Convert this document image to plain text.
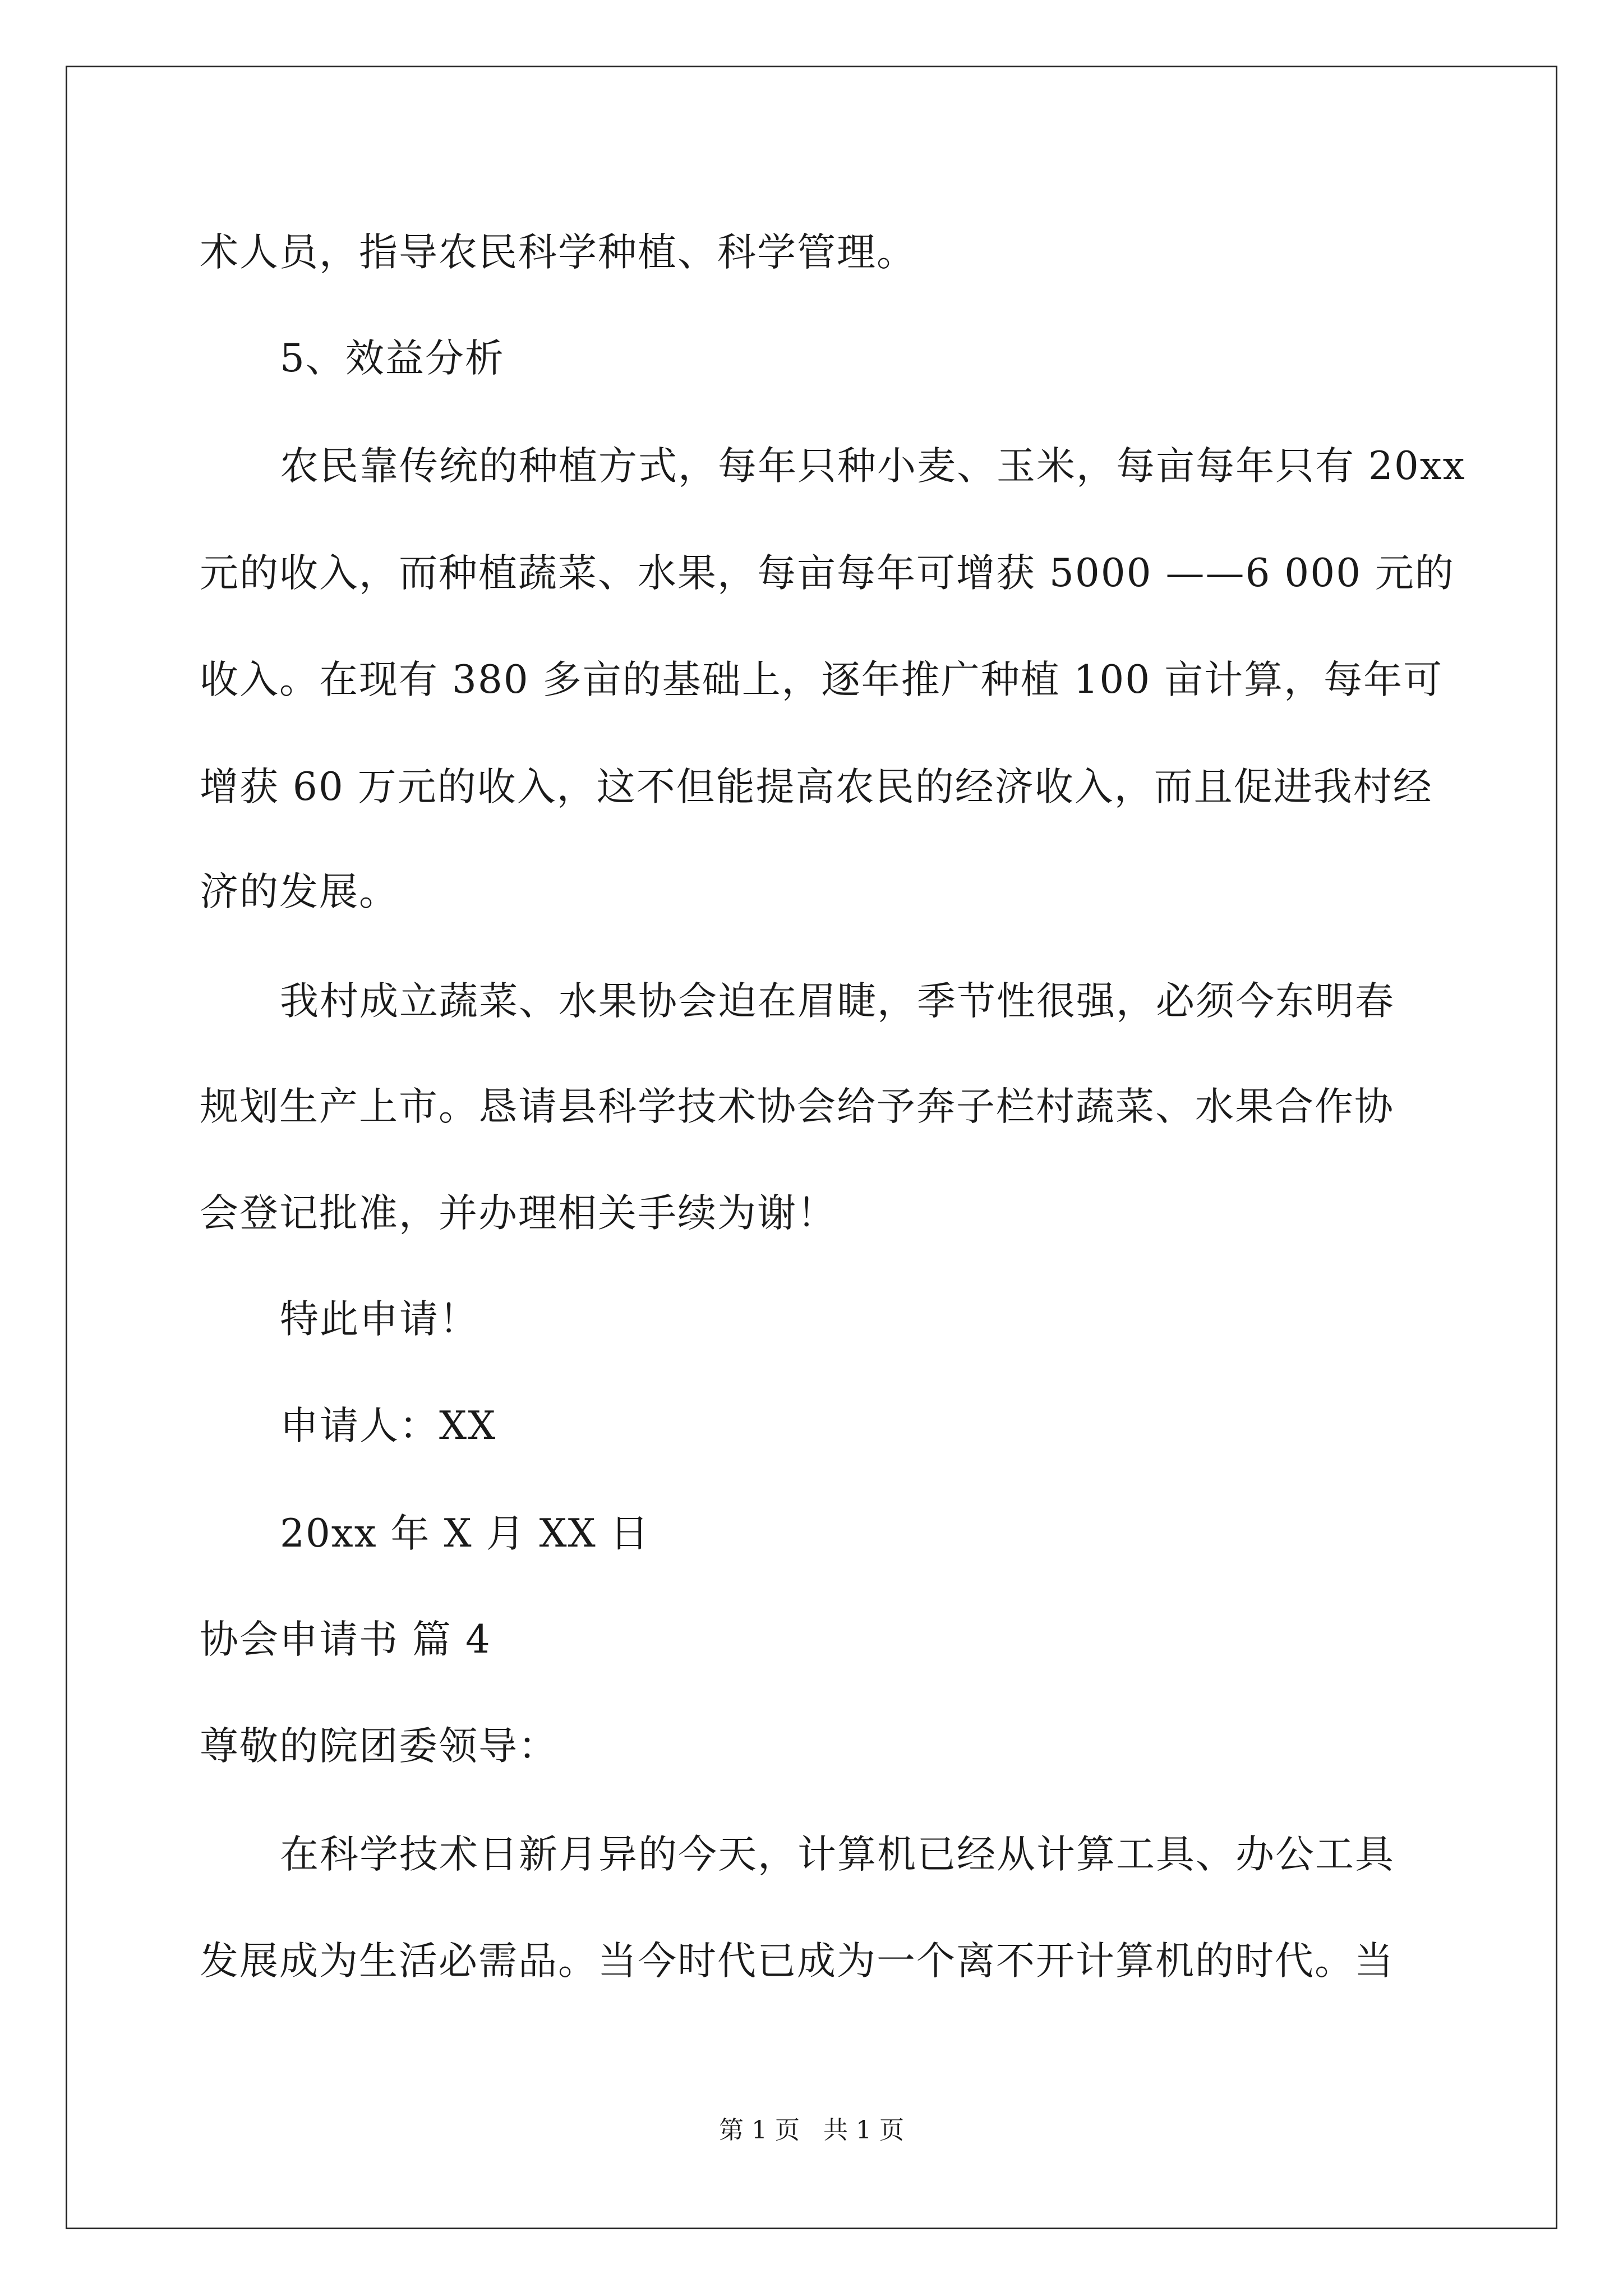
术人员，指导农民科学种植、科学管理。
5、效益分析
农民靠传统的种植方式，每年只种小麦、玉米，每亩每年只有 20xx
元的收入，而种植蔬菜、水果，每亩每年可增获 5000 ——6 000 元的
收入。在现有 380 多亩的基础上，逐年推广种植 100 亩计算，每年可
增获 60 万元的收入，这不但能提高农民的经济收入，而且促进我村经
济的发展。
我村成立蔬菜、水果协会迫在眉睫，季节性很强，必须今东明春
规划生产上市。恳请县科学技术协会给予奔子栏村蔬菜、水果合作协
会登记批准，并办理相关手续为谢！
特此申请！
申请人：XX
20xx 年 X 月 XX 日
协会申请书 篇 4
尊敬的院团委领导：
在科学技术日新月异的今天，计算机已经从计算工具、办公工具
发展成为生活必需品。当今时代已成为一个离不开计算机的时代。当
第 1 页   共 1 页
